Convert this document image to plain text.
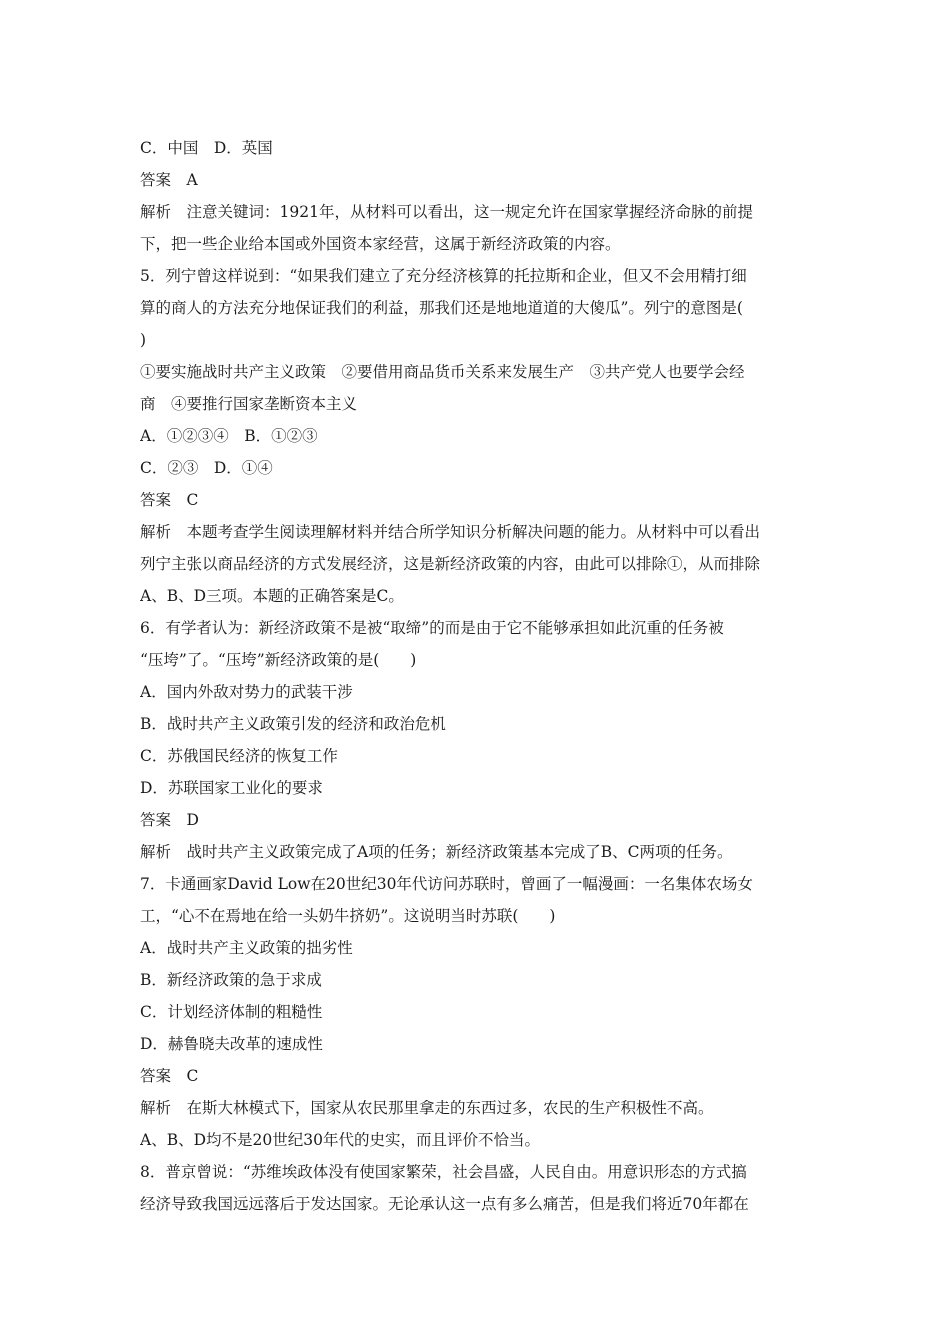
C．中国　D．英国
答案　A
解析　注意关键词：1921年，从材料可以看出，这一规定允许在国家掌握经济命脉的前提
下，把一些企业给本国或外国资本家经营，这属于新经济政策的内容。
5．列宁曾这样说到：“如果我们建立了充分经济核算的托拉斯和企业，但又不会用精打细
算的商人的方法充分地保证我们的利益，那我们还是地地道道的大傻瓜”。列宁的意图是(
)
①要实施战时共产主义政策　②要借用商品货币关系来发展生产　③共产党人也要学会经
商　④要推行国家垄断资本主义
A．①②③④　B．①②③
C．②③　D．①④
答案　C
解析　本题考查学生阅读理解材料并结合所学知识分析解决问题的能力。从材料中可以看出
列宁主张以商品经济的方式发展经济，这是新经济政策的内容，由此可以排除①，从而排除
A、B、D三项。本题的正确答案是C。
6．有学者认为：新经济政策不是被“取缔”的而是由于它不能够承担如此沉重的任务被
“压垮”了。“压垮”新经济政策的是(　　)
A．国内外敌对势力的武装干涉
B．战时共产主义政策引发的经济和政治危机
C．苏俄国民经济的恢复工作
D．苏联国家工业化的要求
答案　D
解析　战时共产主义政策完成了A项的任务；新经济政策基本完成了B、C两项的任务。
7．卡通画家David Low在20世纪30年代访问苏联时，曾画了一幅漫画：一名集体农场女
工，“心不在焉地在给一头奶牛挤奶”。这说明当时苏联(　　)
A．战时共产主义政策的拙劣性
B．新经济政策的急于求成
C．计划经济体制的粗糙性
D．赫鲁晓夫改革的速成性
答案　C
解析　在斯大林模式下，国家从农民那里拿走的东西过多，农民的生产积极性不高。
A、B、D均不是20世纪30年代的史实，而且评价不恰当。
8．普京曾说：“苏维埃政体没有使国家繁荣，社会昌盛，人民自由。用意识形态的方式搞
经济导致我国远远落后于发达国家。无论承认这一点有多么痛苦，但是我们将近70年都在
